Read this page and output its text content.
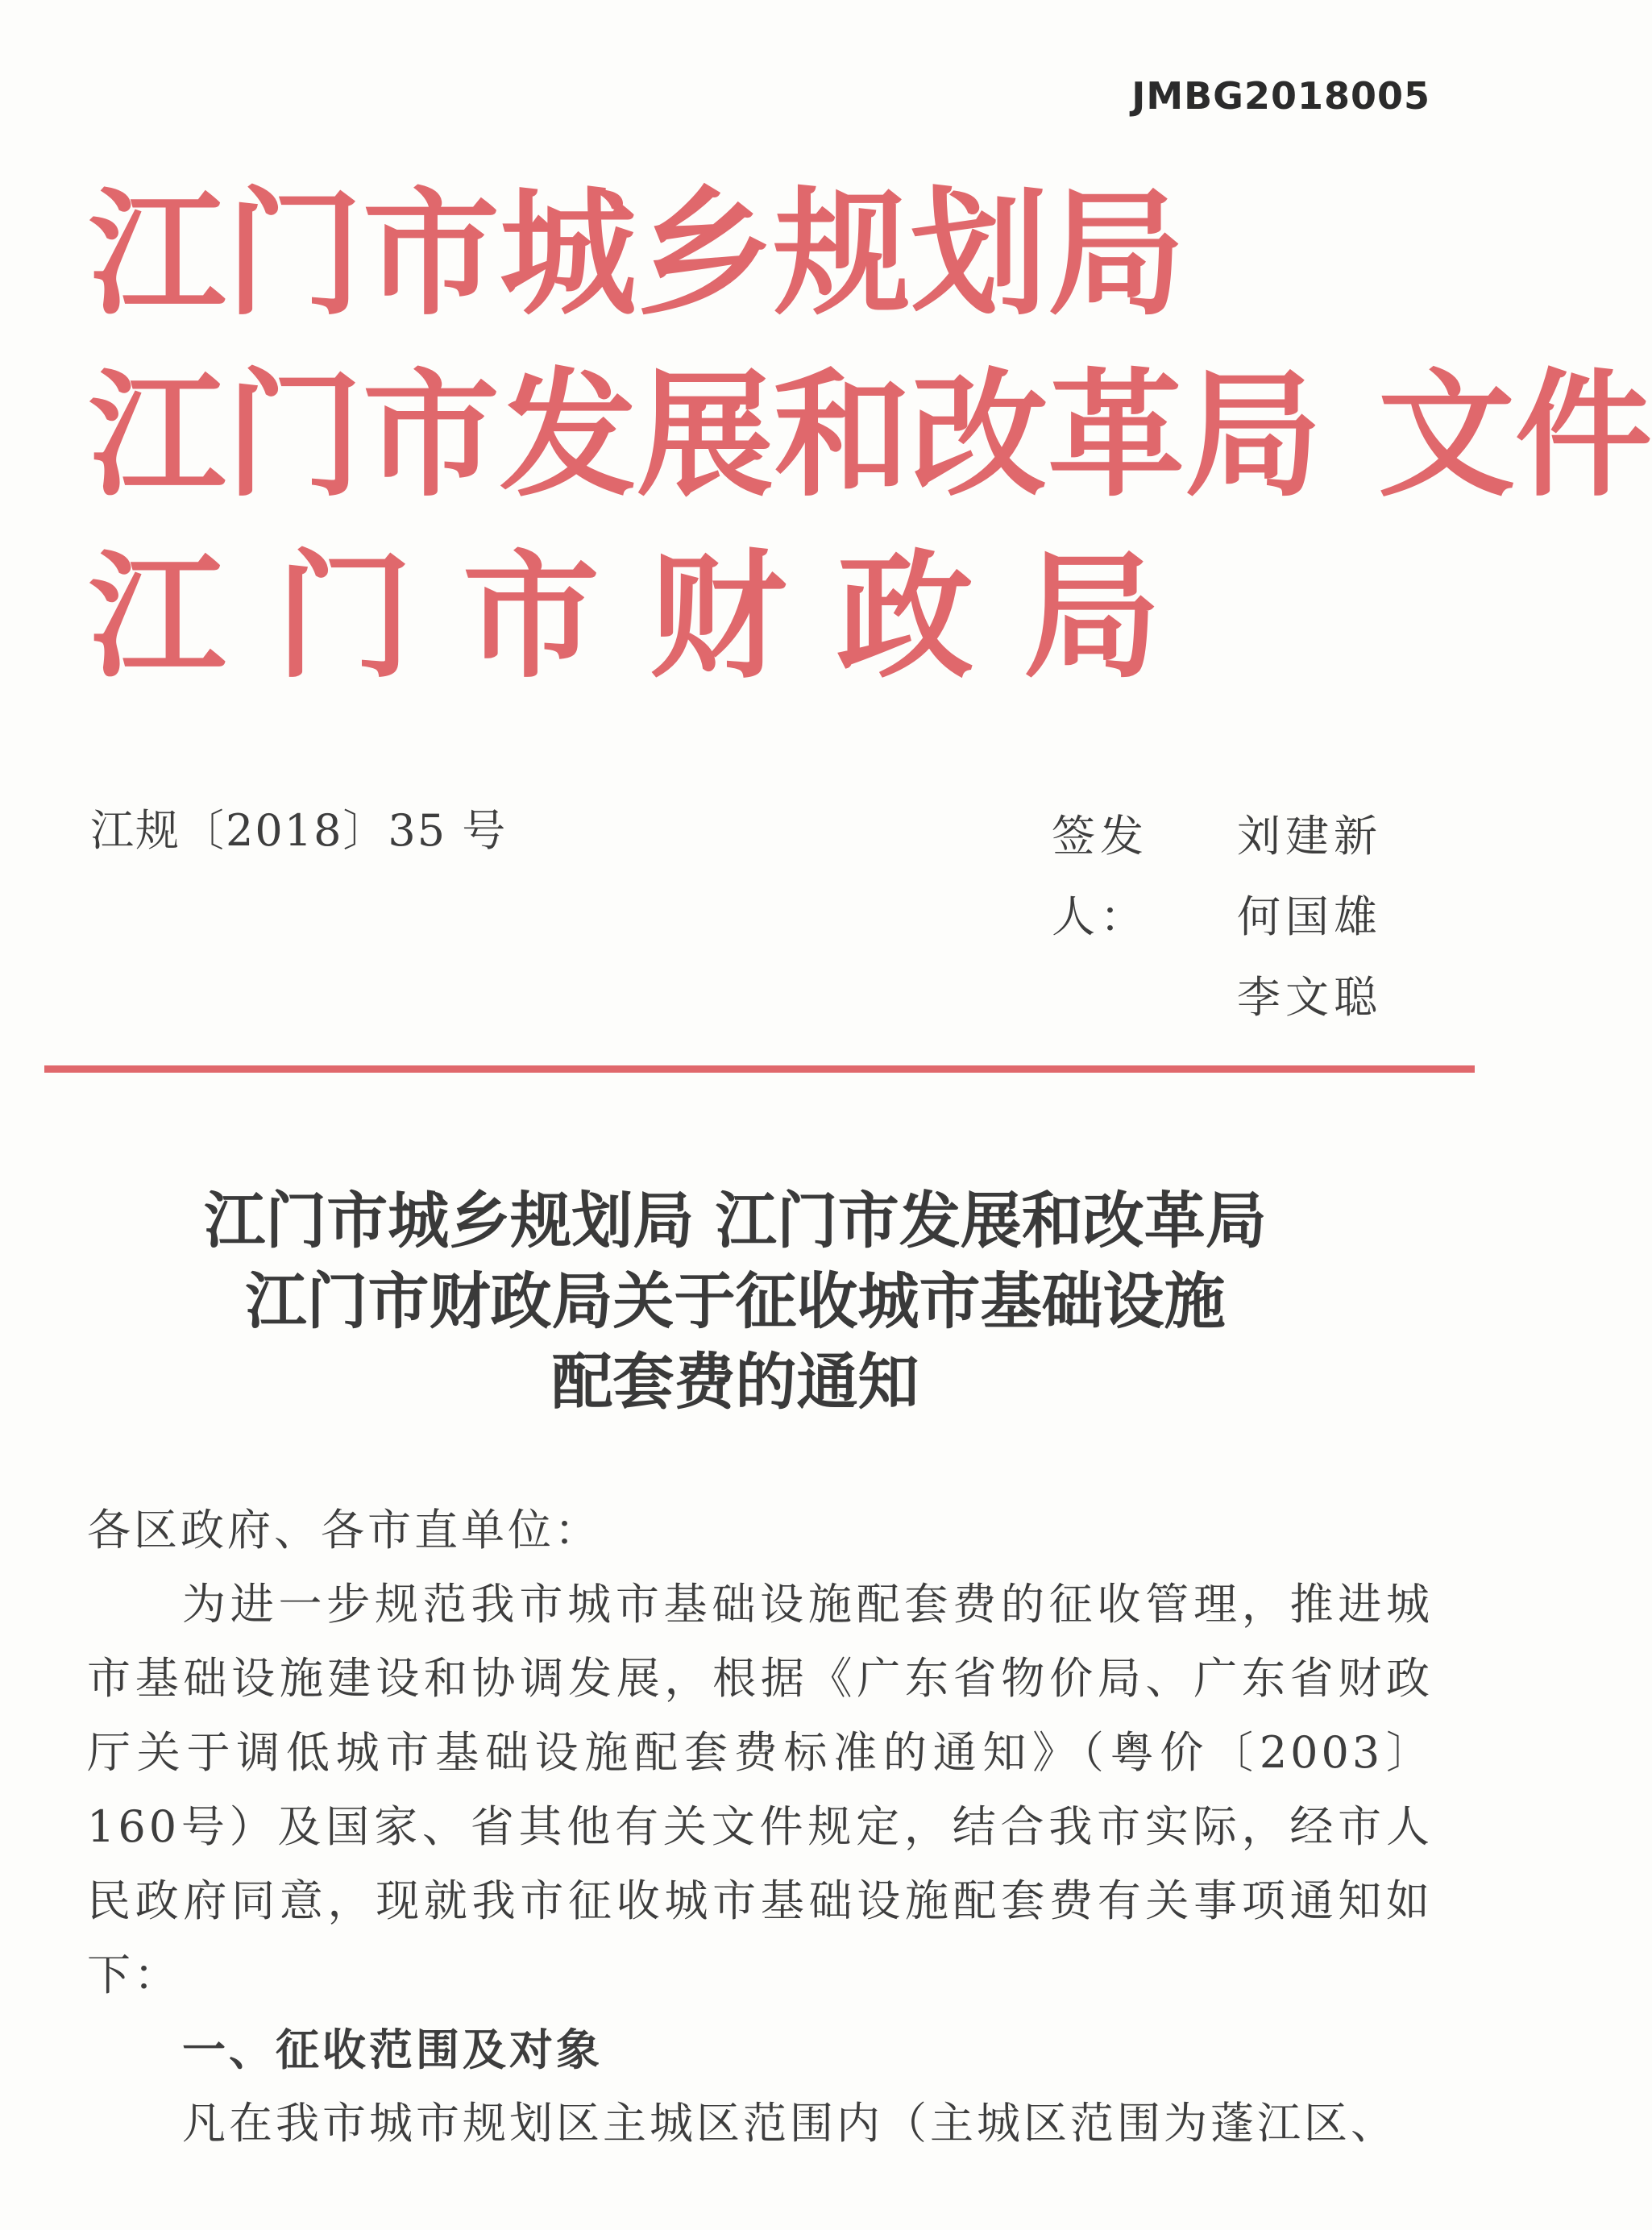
JMBG2018005
江门市城乡规划局
江门市发展和改革局 文件
江门市财政局
江规〔2018〕35 号	签发人：
刘建新
何国雄
李文聪
江门市城乡规划局 江门市发展和改革局
江门市财政局关于征收城市基础设施
配套费的通知

各区政府、各市直单位：

为进一步规范我市城市基础设施配套费的征收管理，推进城市基础设施建设和协调发展，根据《广东省物价局、广东省财政厅关于调低城市基础设施配套费标准的通知》（粤价〔2003〕160号）及国家、省其他有关文件规定，结合我市实际，经市人民政府同意，现就我市征收城市基础设施配套费有关事项通知如下：

一、征收范围及对象

凡在我市城市规划区主城区范围内（主城区范围为蓬江区、
